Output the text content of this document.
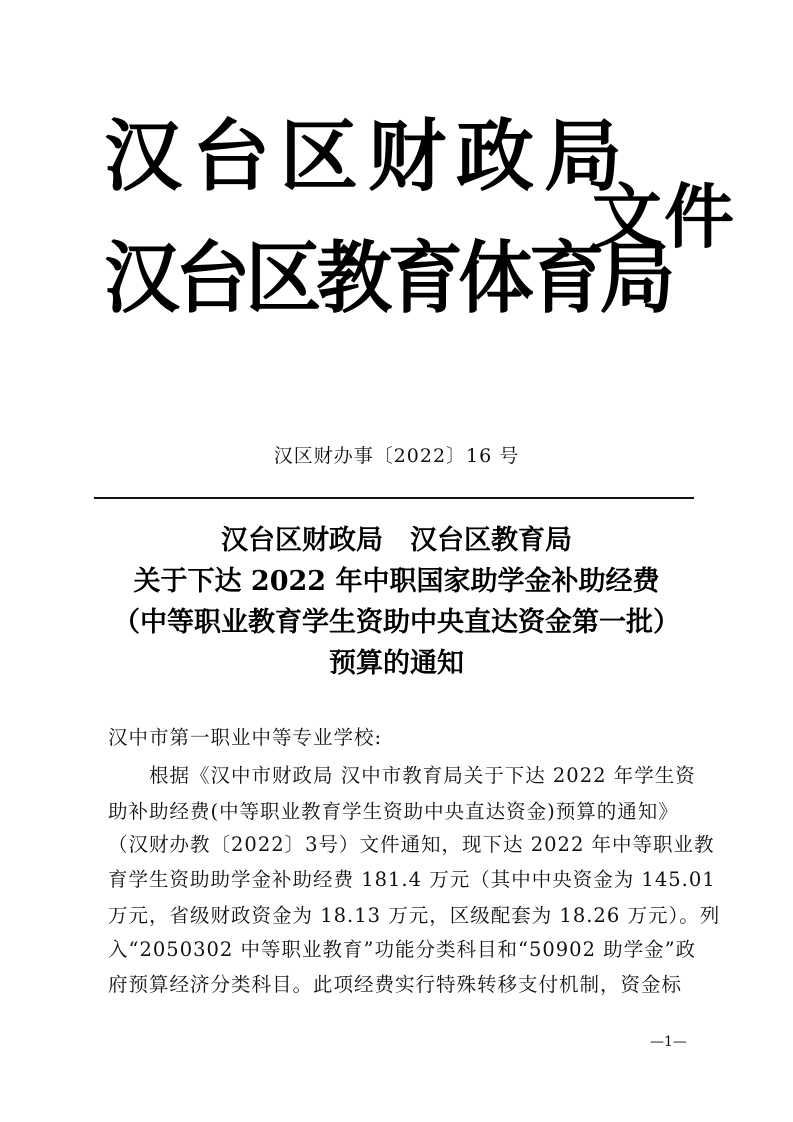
汉台区财政局
汉台区教育体育局
文件
汉区财办事〔2022〕16 号
汉台区财政局　汉台区教育局
关于下达 2022 年中职国家助学金补助经费
（中等职业教育学生资助中央直达资金第一批）
预算的通知
汉中市第一职业中等专业学校:
　　根据《汉中市财政局 汉中市教育局关于下达 2022 年学生资
助补助经费(中等职业教育学生资助中央直达资金)预算的通知》
（汉财办教〔2022〕3号）文件通知，现下达 2022 年中等职业教
育学生资助助学金补助经费 181.4 万元（其中中央资金为 145.01
万元，省级财政资金为 18.13 万元，区级配套为 18.26 万元）。列
入“2050302 中等职业教育”功能分类科目和“50902 助学金”政
府预算经济分类科目。此项经费实行特殊转移支付机制，资金标
—1—
